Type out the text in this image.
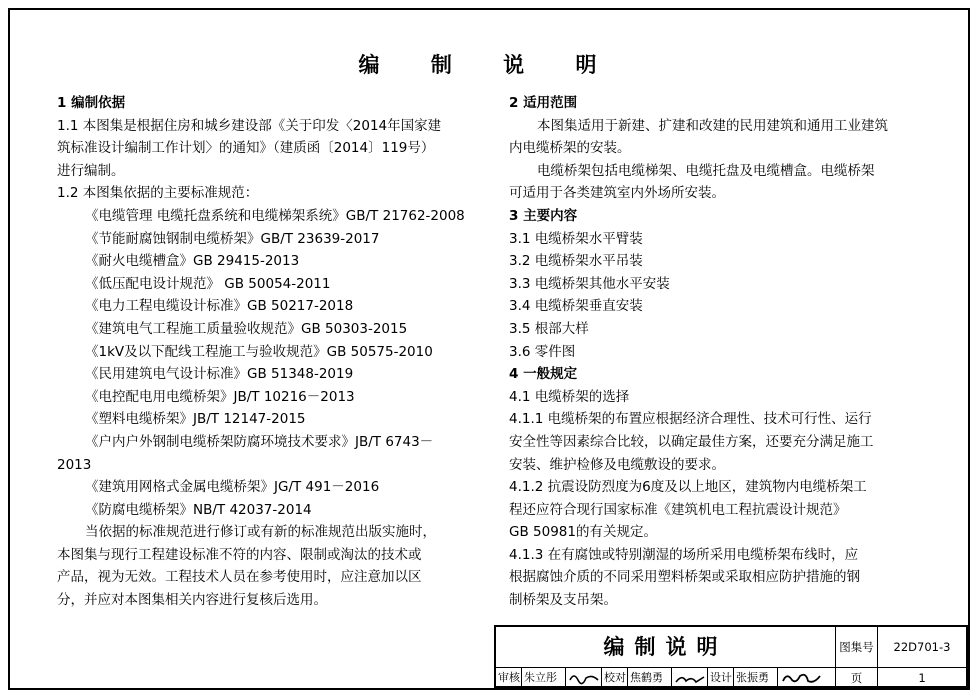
编 制 说 明
1 编制依据
1.1 本图集是根据住房和城乡建设部《关于印发〈2014年国家建
筑标准设计编制工作计划〉的通知》（建质函〔2014〕119号）
进行编制。
1.2 本图集依据的主要标准规范：
《电缆管理 电缆托盘系统和电缆梯架系统》GB/T 21762-2008
《节能耐腐蚀钢制电缆桥架》GB/T 23639-2017
《耐火电缆槽盒》GB 29415-2013
《低压配电设计规范》 GB 50054-2011
《电力工程电缆设计标准》GB 50217-2018
《建筑电气工程施工质量验收规范》GB 50303-2015
《1kV及以下配线工程施工与验收规范》GB 50575-2010
《民用建筑电气设计标准》GB 51348-2019
《电控配电用电缆桥架》JB/T 10216－2013
《塑料电缆桥架》JB/T 12147-2015
《户内户外钢制电缆桥架防腐环境技术要求》JB/T 6743－
2013
《建筑用网格式金属电缆桥架》JG/T 491－2016
《防腐电缆桥架》NB/T 42037-2014
当依据的标准规范进行修订或有新的标准规范出版实施时，
本图集与现行工程建设标准不符的内容、限制或淘汰的技术或
产品，视为无效。工程技术人员在参考使用时，应注意加以区
分，并应对本图集相关内容进行复核后选用。
2 适用范围
本图集适用于新建、扩建和改建的民用建筑和通用工业建筑
内电缆桥架的安装。
电缆桥架包括电缆梯架、电缆托盘及电缆槽盒。电缆桥架
可适用于各类建筑室内外场所安装。
3 主要内容
3.1 电缆桥架水平臂装
3.2 电缆桥架水平吊装
3.3 电缆桥架其他水平安装
3.4 电缆桥架垂直安装
3.5 根部大样
3.6 零件图
4 一般规定
4.1 电缆桥架的选择
4.1.1 电缆桥架的布置应根据经济合理性、技术可行性、运行
安全性等因素综合比较，以确定最佳方案，还要充分满足施工
安装、维护检修及电缆敷设的要求。
4.1.2 抗震设防烈度为6度及以上地区，建筑物内电缆桥架工
程还应符合现行国家标准《建筑机电工程抗震设计规范》
GB 50981的有关规定。
4.1.3 在有腐蚀或特别潮湿的场所采用电缆桥架布线时，应
根据腐蚀介质的不同采用塑料桥架或采取相应防护措施的钢
制桥架及支吊架。
编制说明	图集号	22D701-3
页	1
审核 朱立彤	校对 焦鹤勇	设计 张振勇
